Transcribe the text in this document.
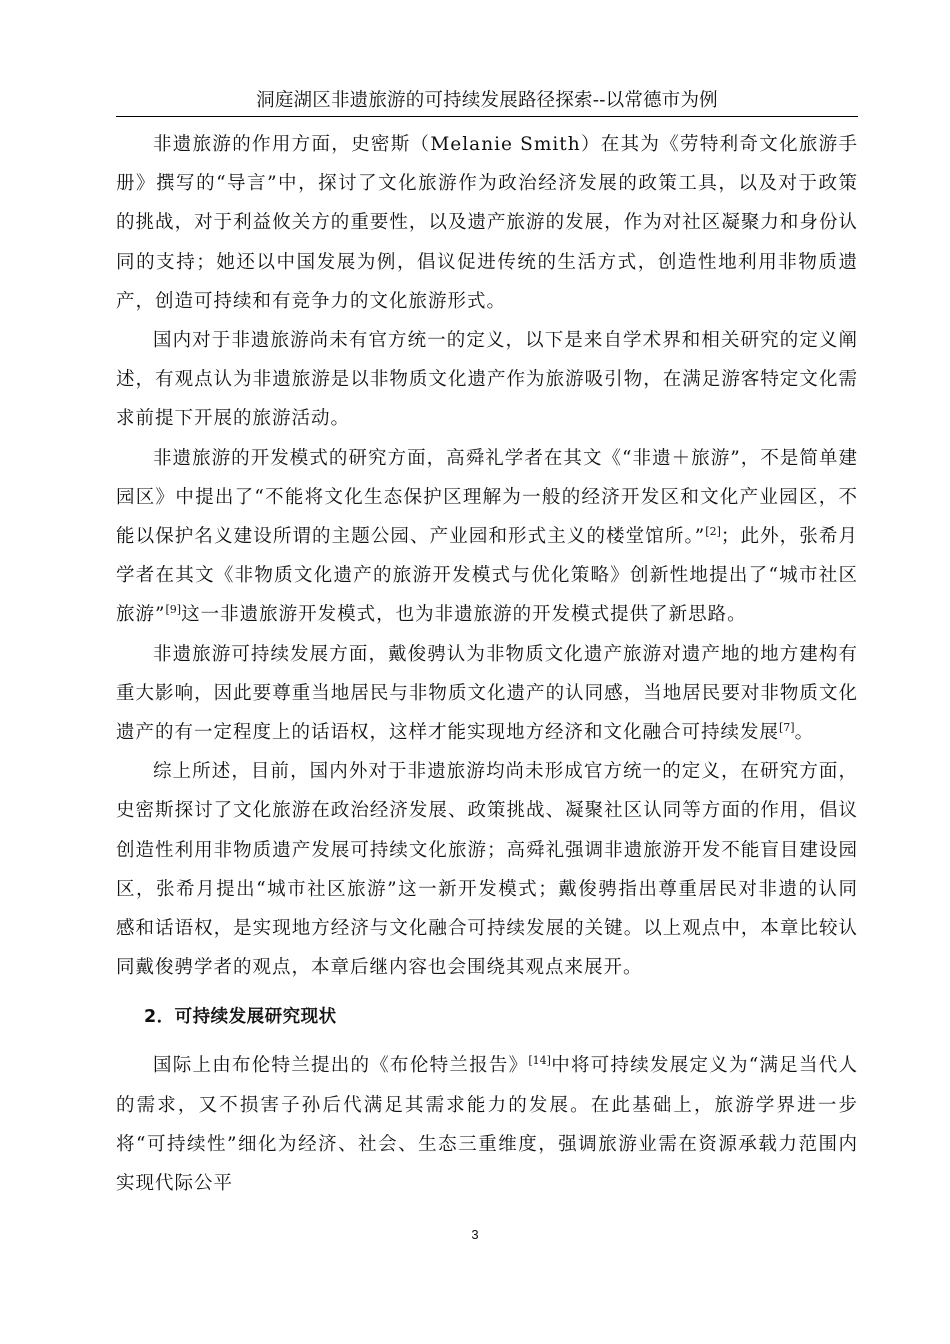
洞庭湖区非遗旅游的可持续发展路径探索--以常德市为例

非遗旅游的作用方面，史密斯（Melanie Smith）在其为《劳特利奇文化旅游手册》撰写的“导言”中，探讨了文化旅游作为政治经济发展的政策工具，以及对于政策的挑战，对于利益攸关方的重要性，以及遗产旅游的发展，作为对社区凝聚力和身份认同的支持；她还以中国发展为例，倡议促进传统的生活方式，创造性地利用非物质遗产，创造可持续和有竞争力的文化旅游形式。

国内对于非遗旅游尚未有官方统一的定义，以下是来自学术界和相关研究的定义阐述，有观点认为非遗旅游是以非物质文化遗产作为旅游吸引物，在满足游客特定文化需求前提下开展的旅游活动。

非遗旅游的开发模式的研究方面，高舜礼学者在其文《“非遗＋旅游”，不是简单建园区》中提出了“不能将文化生态保护区理解为一般的经济开发区和文化产业园区，不能以保护名义建设所谓的主题公园、产业园和形式主义的楼堂馆所。”[2]；此外，张希月学者在其文《非物质文化遗产的旅游开发模式与优化策略》创新性地提出了“城市社区旅游”[9]这一非遗旅游开发模式，也为非遗旅游的开发模式提供了新思路。

非遗旅游可持续发展方面，戴俊骋认为非物质文化遗产旅游对遗产地的地方建构有重大影响，因此要尊重当地居民与非物质文化遗产的认同感，当地居民要对非物质文化遗产的有一定程度上的话语权，这样才能实现地方经济和文化融合可持续发展[7]。

综上所述，目前，国内外对于非遗旅游均尚未形成官方统一的定义，在研究方面，史密斯探讨了文化旅游在政治经济发展、政策挑战、凝聚社区认同等方面的作用，倡议创造性利用非物质遗产发展可持续文化旅游；高舜礼强调非遗旅游开发不能盲目建设园区，张希月提出“城市社区旅游”这一新开发模式；戴俊骋指出尊重居民对非遗的认同感和话语权，是实现地方经济与文化融合可持续发展的关键。以上观点中，本章比较认同戴俊骋学者的观点，本章后继内容也会围绕其观点来展开。

2．可持续发展研究现状

国际上由布伦特兰提出的《布伦特兰报告》[14]中将可持续发展定义为“满足当代人的需求，又不损害子孙后代满足其需求能力的发展。在此基础上，旅游学界进一步将“可持续性”细化为经济、社会、生态三重维度，强调旅游业需在资源承载力范围内实现代际公平

3
